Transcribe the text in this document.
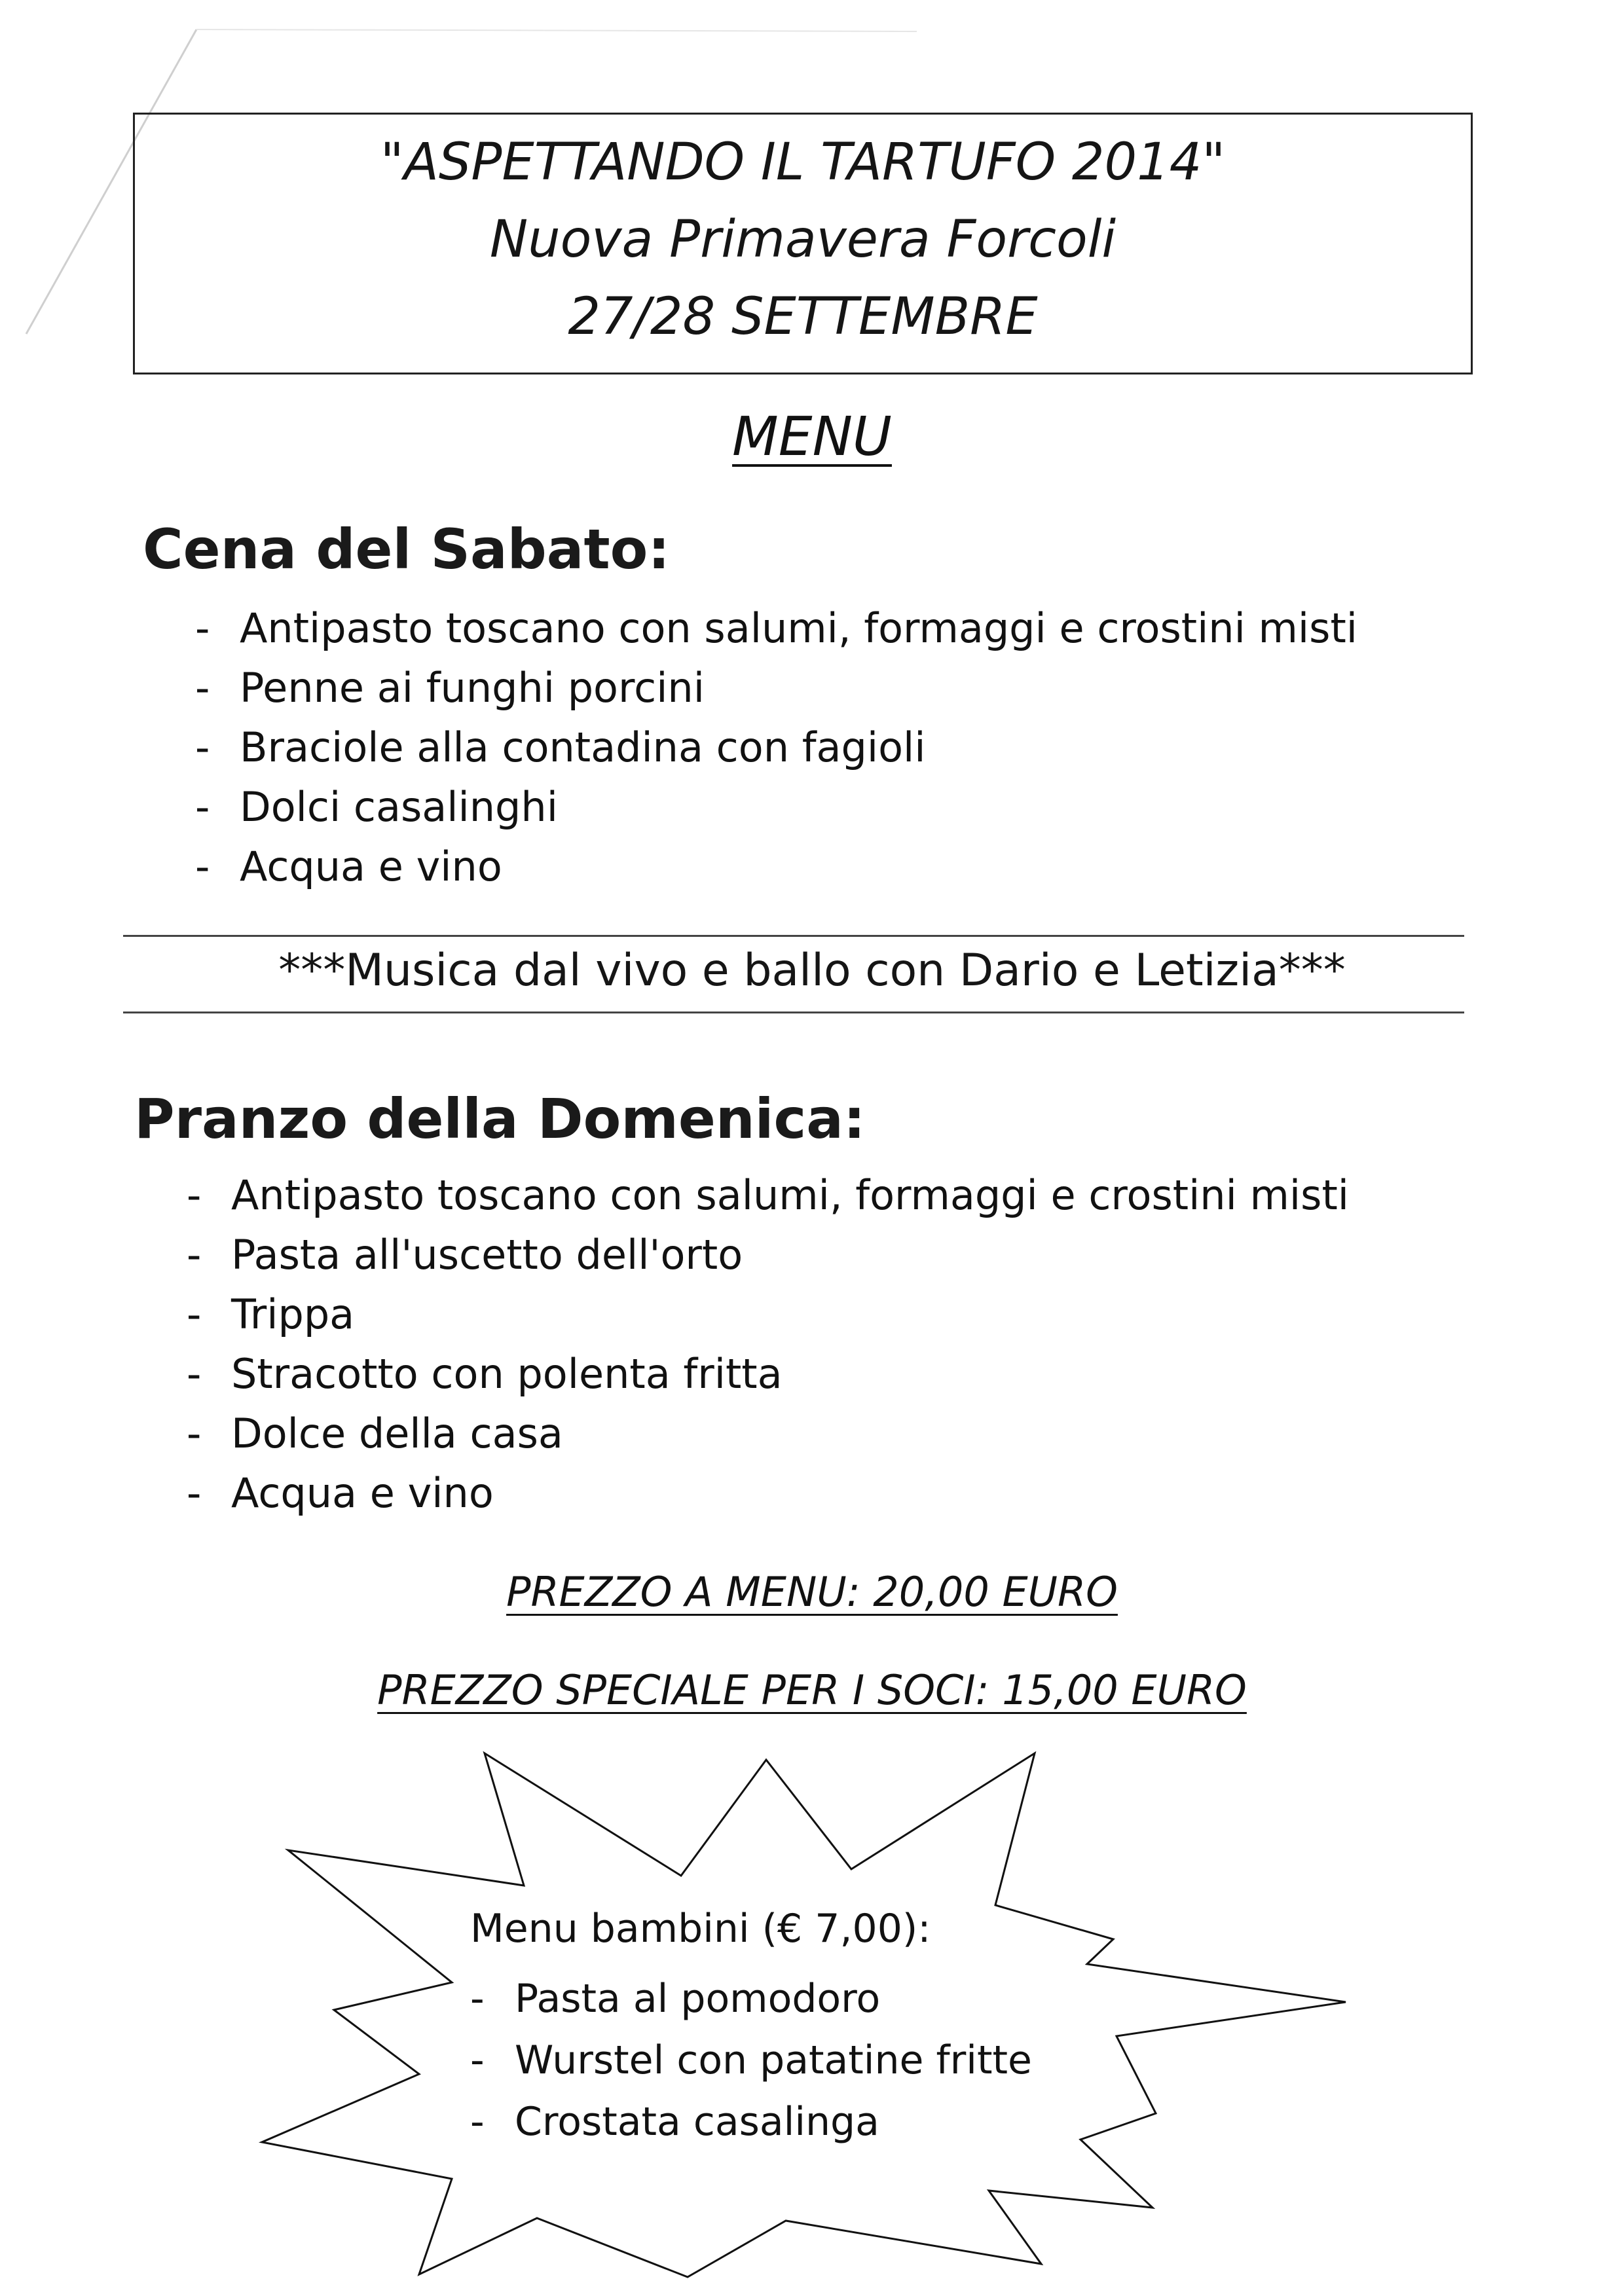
"ASPETTANDO IL TARTUFO 2014"

Nuova Primavera Forcoli

27/28 SETTEMBRE

MENU
Cena del Sabato:
- Antipasto toscano con salumi, formaggi e crostini misti
- Penne ai funghi porcini
- Braciole alla contadina con fagioli
- Dolci casalinghi
- Acqua e vino
***Musica dal vivo e ballo con Dario e Letizia***
Pranzo della Domenica:
- Antipasto toscano con salumi, formaggi e crostini misti
- Pasta all'uscetto dell'orto
- Trippa
- Stracotto con polenta fritta
- Dolce della casa
- Acqua e vino
PREZZO A MENU: 20,00 EURO
PREZZO SPECIALE PER I SOCI: 15,00 EURO

Menu bambini (€ 7,00):

- Pasta al pomodoro
- Wurstel con patatine fritte
- Crostata casalinga
